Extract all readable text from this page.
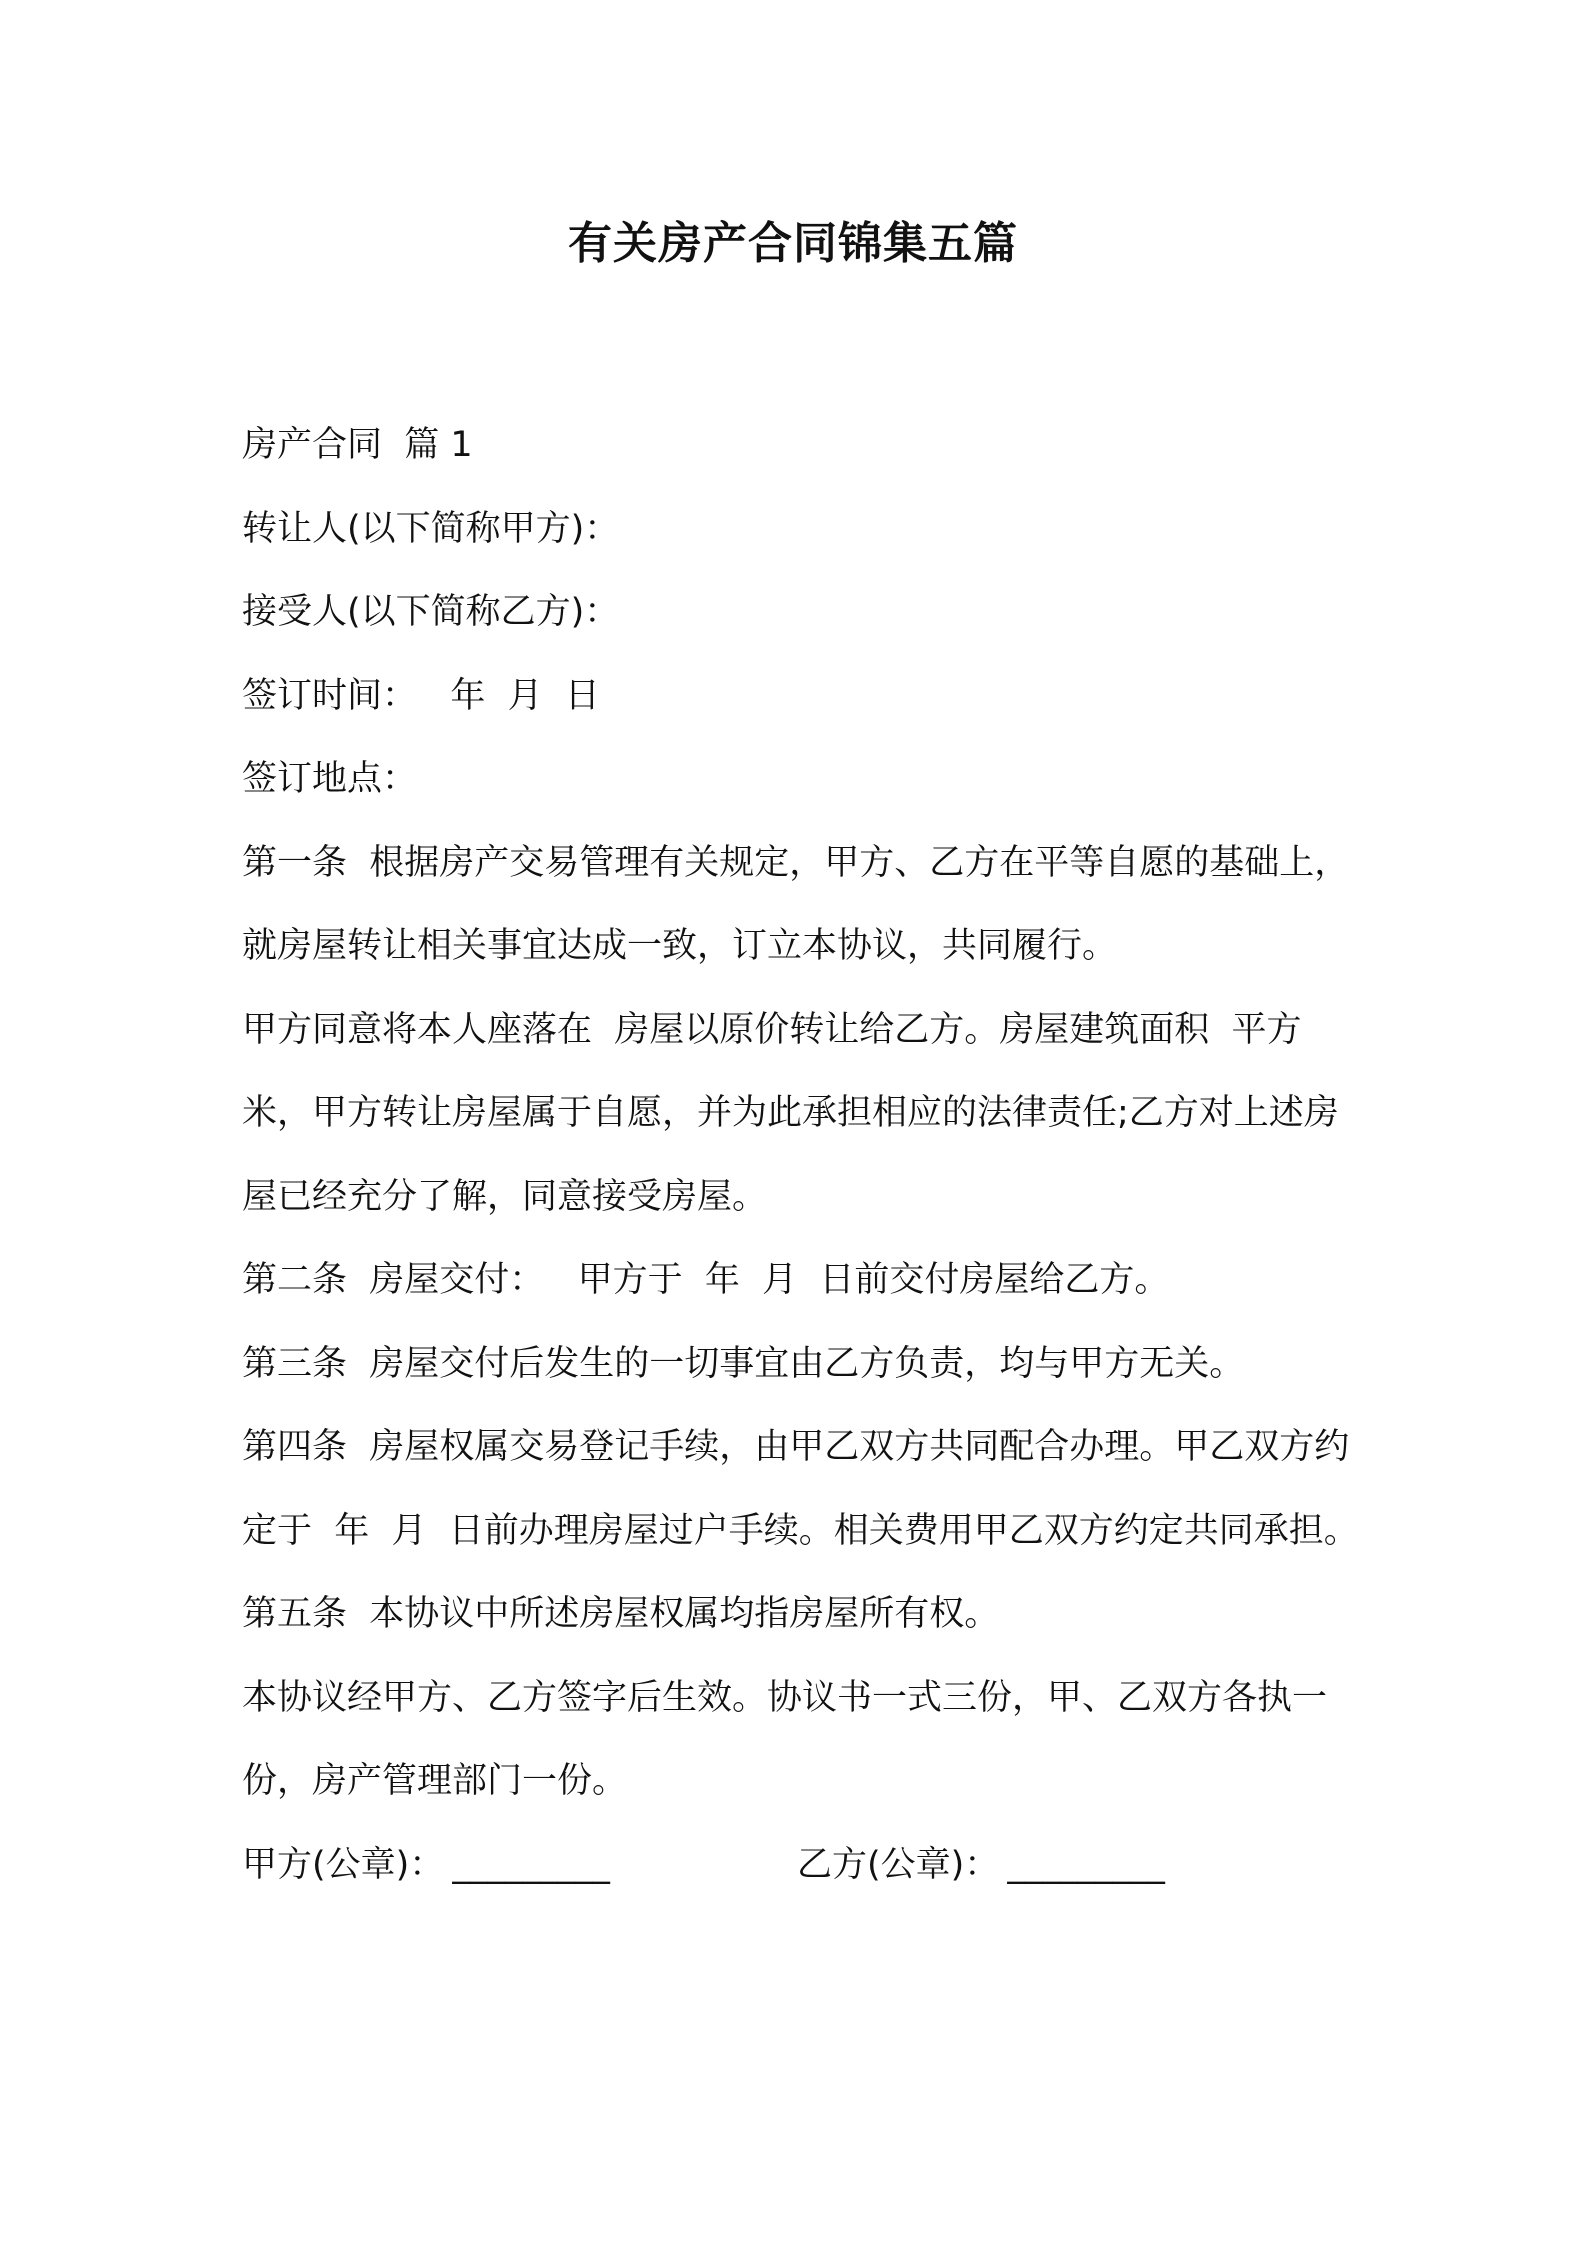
有关房产合同锦集五篇

房产合同  篇 1

转让人(以下简称甲方)：

接受人(以下简称乙方)：

签订时间：   年  月  日

签订地点：

第一条  根据房产交易管理有关规定，甲方、乙方在平等自愿的基础上，就房屋转让相关事宜达成一致，订立本协议，共同履行。

甲方同意将本人座落在  房屋以原价转让给乙方。房屋建筑面积  平方米，甲方转让房屋属于自愿，并为此承担相应的法律责任;乙方对上述房屋已经充分了解，同意接受房屋。

第二条  房屋交付：   甲方于  年  月  日前交付房屋给乙方。

第三条  房屋交付后发生的一切事宜由乙方负责，均与甲方无关。

第四条  房屋权属交易登记手续，由甲乙双方共同配合办理。甲乙双方约定于  年  月  日前办理房屋过户手续。相关费用甲乙双方约定共同承担。

第五条  本协议中所述房屋权属均指房屋所有权。

本协议经甲方、乙方签字后生效。协议书一式三份，甲、乙双方各执一份，房产管理部门一份。

甲方(公章)： _________	乙方(公章)： _________
